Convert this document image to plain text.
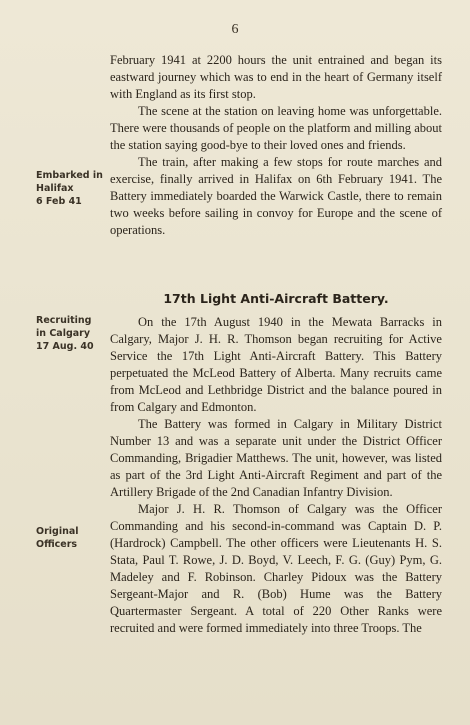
6
Embarked in
Halifax
6 Feb 41
Recruiting
in Calgary
17 Aug. 40
Original
Officers

February 1941 at 2200 hours the unit entrained and began its eastward journey which was to end in the heart of Germany itself with England as its first stop.

The scene at the station on leaving home was unforgettable. There were thousands of people on the platform and milling about the station saying good-bye to their loved ones and friends.

The train, after making a few stops for route marches and exercise, finally arrived in Halifax on 6th February 1941. The Battery immediately boarded the Warwick Castle, there to remain two weeks before sailing in convoy for Europe and the scene of operations.

17th Light Anti-Aircraft Battery.

On the 17th August 1940 in the Mewata Barracks in Calgary, Major J. H. R. Thomson began recruiting for Active Service the 17th Light Anti-Aircraft Battery. This Battery perpetuated the McLeod Battery of Alberta. Many recruits came from McLeod and Lethbridge District and the balance poured in from Calgary and Edmonton.

The Battery was formed in Calgary in Military District Number 13 and was a separate unit under the District Officer Commanding, Brigadier Matthews. The unit, however, was listed as part of the 3rd Light Anti-Aircraft Regiment and part of the Artillery Brigade of the 2nd Canadian Infantry Division.

Major J. H. R. Thomson of Calgary was the Officer Commanding and his second-in-command was Captain D. P. (Hardrock) Campbell. The other officers were Lieutenants H. S. Stata, Paul T. Rowe, J. D. Boyd, V. Leech, F. G. (Guy) Pym, G. Madeley and F. Robinson. Charley Pidoux was the Battery Sergeant-Major and R. (Bob) Hume was the Battery Quartermaster Sergeant. A total of 220 Other Ranks were recruited and were formed immediately into three Troops. The
